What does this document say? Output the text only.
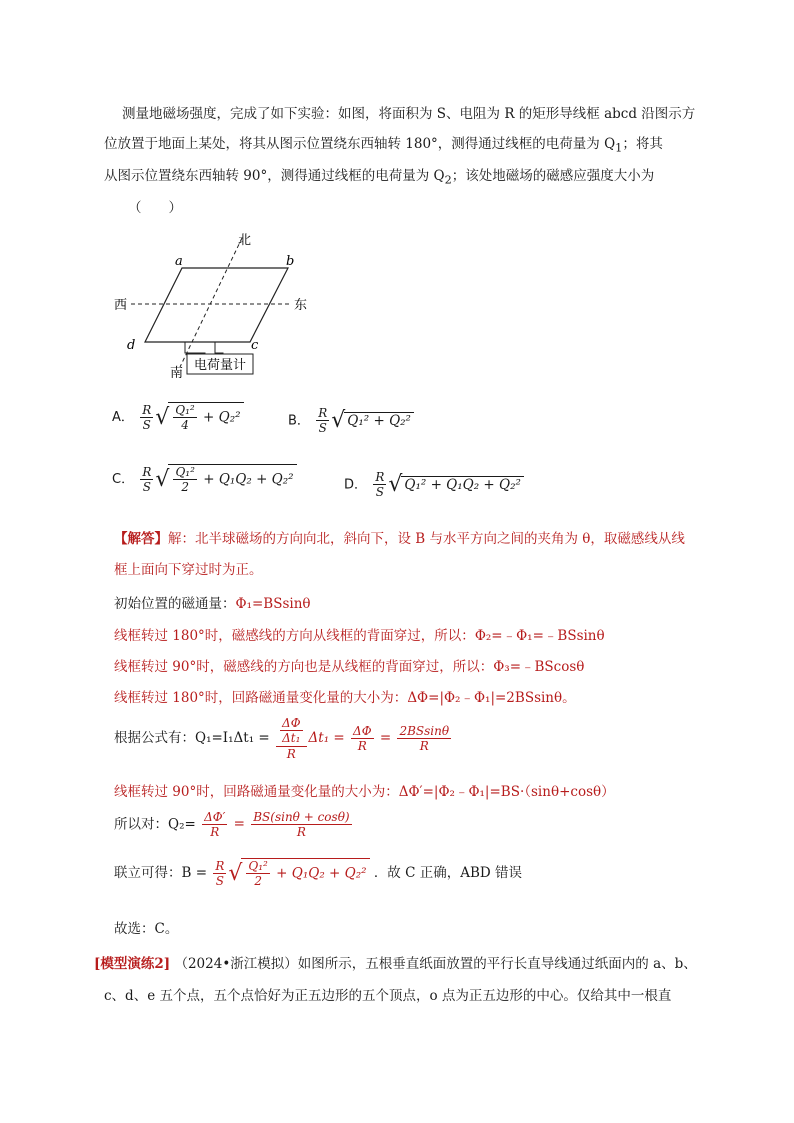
测量地磁场强度，完成了如下实验：如图，将面积为 S、电阻为 R 的矩形导线框 abcd 沿图示方
位放置于地面上某处，将其从图示位置绕东西轴转 180°，测得通过线框的电荷量为 $Q_1$；将其
从图示位置绕东西轴转 90°，测得通过线框的电荷量为 $Q_2$；该处地磁场的磁感应强度大小为
（　　）
电荷量计
北
南
西	东
a	b
c
d
A． $\frac{R}{S}$ √ $\frac{\text{Q₁²}}{4} + Q_2^2$	B． $\frac{R}{S}$ √ Q₁² + Q₂²
C． $\frac{R}{S}$ √ $\frac{\text{Q₁²}}{2} + Q_1Q_2 + Q_2^2$	D． $\frac{R}{S}$ √ Q₁² + Q₁Q₂ + Q₂²
【解答】解：北半球磁场的方向向北，斜向下，设 B 与水平方向之间的夹角为 θ，取磁感线从线
框上面向下穿过时为正。
初始位置的磁通量：Φ₁=BSsinθ
线框转过 180°时，磁感线的方向从线框的背面穿过，所以：Φ₂=﹣Φ₁=﹣BSsinθ
线框转过 90°时，磁感线的方向也是从线框的背面穿过，所以：Φ₃=﹣BScosθ
线框转过 180°时，回路磁通量变化量的大小为：ΔΦ=|Φ₂﹣Φ₁|=2BSsinθ。
根据公式有：$Q_1=I_1\Delta t_1 = \frac{\frac{\Delta\Phi}{\text{Δt₁}}}{R} \Delta t_1 = \frac{\Delta\Phi}{R} = \frac{2BSsin\theta}{R}$
线框转过 90°时，回路磁通量变化量的大小为：ΔΦ′=|Φ₂﹣Φ₁|=BS·（sinθ+cosθ）
所以对：$Q_2= \frac{\Delta\Phi'}{R} = \frac{BS(\sin\theta + \cos\theta)}{R}$
联立可得：$B = \frac{R}{S}$ √ $\frac{\text{Q₁²}}{2} + Q_1Q_2 + Q_2^2$ ．故 C 正确，ABD 错误
故选：C。
[模型演练2] （2024•浙江模拟）如图所示，五根垂直纸面放置的平行长直导线通过纸面内的 a、b、
c、d、e 五个点，五个点恰好为正五边形的五个顶点，o 点为正五边形的中心。仅给其中一根直
